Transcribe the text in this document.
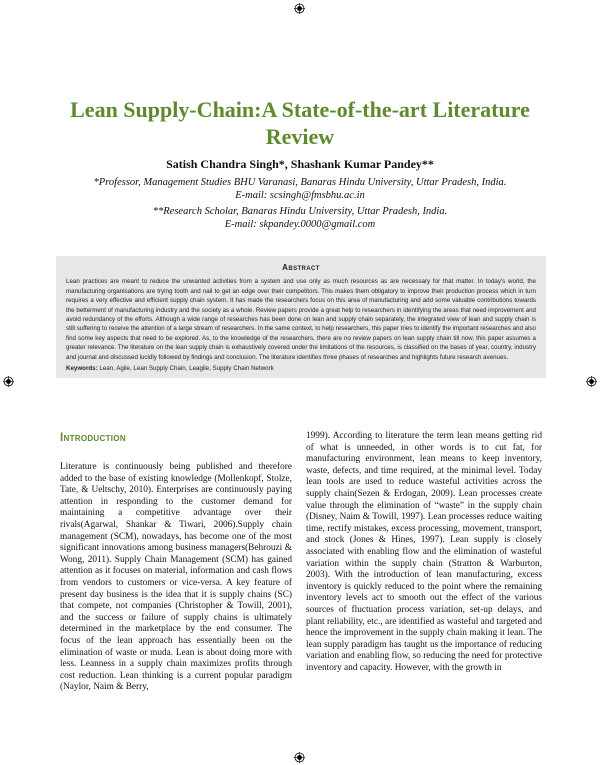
Lean Supply-Chain:A State-of-the-art Literature Review
Satish Chandra Singh*, Shashank Kumar Pandey**
*Professor, Management Studies BHU Varanasi, Banaras Hindu University, Uttar Pradesh, India.
E-mail: scsingh@fmsbhu.ac.in
**Research Scholar, Banaras Hindu University, Uttar Pradesh, India.
E-mail: skpandey.0000@gmail.com
Abstract
Lean practices are meant to reduce the unwanted activities from a system and use only as much resources as are necessary for that matter. In today's world, the manufacturing organisations are trying tooth and nail to get an edge over their competitors. This makes them obligatory to improve their production process which in turn requires a very effective and efficient supply chain system. It has made the researchers focus on this area of manufacturing and add some valuable contributions towards the betterment of manufacturing industry and the society as a whole. Review papers provide a great help to researchers in identifying the areas that need improvement and avoid redundancy of the efforts. Although a wide range of researches has been done on lean and supply chain separately, the integrated view of lean and supply chain is still suffering to receive the attention of a large stream of researchers. In the same context, to help researchers, this paper tries to identify the important researches and also find some key aspects that need to be explored. As, to the knowledge of the researchers, there are no review papers on lean supply chain till now, this paper assumes a greater relevance. The literature on the lean supply chain is exhaustively covered under the limitations of the resources, is classified on the bases of year, country, industry and journal and discussed lucidly followed by findings and conclusion. The literature identifies three phases of researches and highlights future research avenues.
Keywords: Lean, Agile, Lean Supply Chain, Leagile, Supply Chain Network
Introduction
Literature is continuously being published and therefore added to the base of existing knowledge (Mollenkopf, Stolze, Tate, & Ueltschy, 2010). Enterprises are continuously paying attention in responding to the customer demand for maintaining a competitive advantage over their rivals(Agarwal, Shankar & Tiwari, 2006).Supply chain management (SCM), nowadays, has become one of the most significant innovations among business managers(Behrouzi & Wong, 2011). Supply Chain Management (SCM) has gained attention as it focuses on material, information and cash flows from vendors to customers or vice-versa. A key feature of present day business is the idea that it is supply chains (SC) that compete, not companies (Christopher & Towill, 2001), and the success or failure of supply chains is ultimately determined in the marketplace by the end consumer. The focus of the lean approach has essentially been on the elimination of waste or muda. Lean is about doing more with less. Leanness in a supply chain maximizes profits through cost reduction. Lean thinking is a current popular paradigm (Naylor, Naim & Berry,
1999). According to literature the term lean means getting rid of what is unneeded, in other words is to cut fat, for manufacturing environment, lean means to keep inventory, waste, defects, and time required, at the minimal level. Today lean tools are used to reduce wasteful activities across the supply chain(Sezen & Erdogan, 2009). Lean processes create value through the elimination of “waste” in the supply chain (Disney, Naim & Towill, 1997). Lean processes reduce waiting time, rectify mistakes, excess processing, movement, transport, and stock (Jones & Hines, 1997). Lean supply is closely associated with enabling flow and the elimination of wasteful variation within the supply chain (Stratton & Warburton, 2003). With the introduction of lean manufacturing, excess inventory is quickly reduced to the point where the remaining inventory levels act to smooth out the effect of the various sources of fluctuation process variation, set-up delays, and plant reliability, etc., are identified as wasteful and targeted and hence the improvement in the supply chain making it lean. The lean supply paradigm has taught us the importance of reducing variation and enabling flow, so reducing the need for protective inventory and capacity. However, with the growth in
